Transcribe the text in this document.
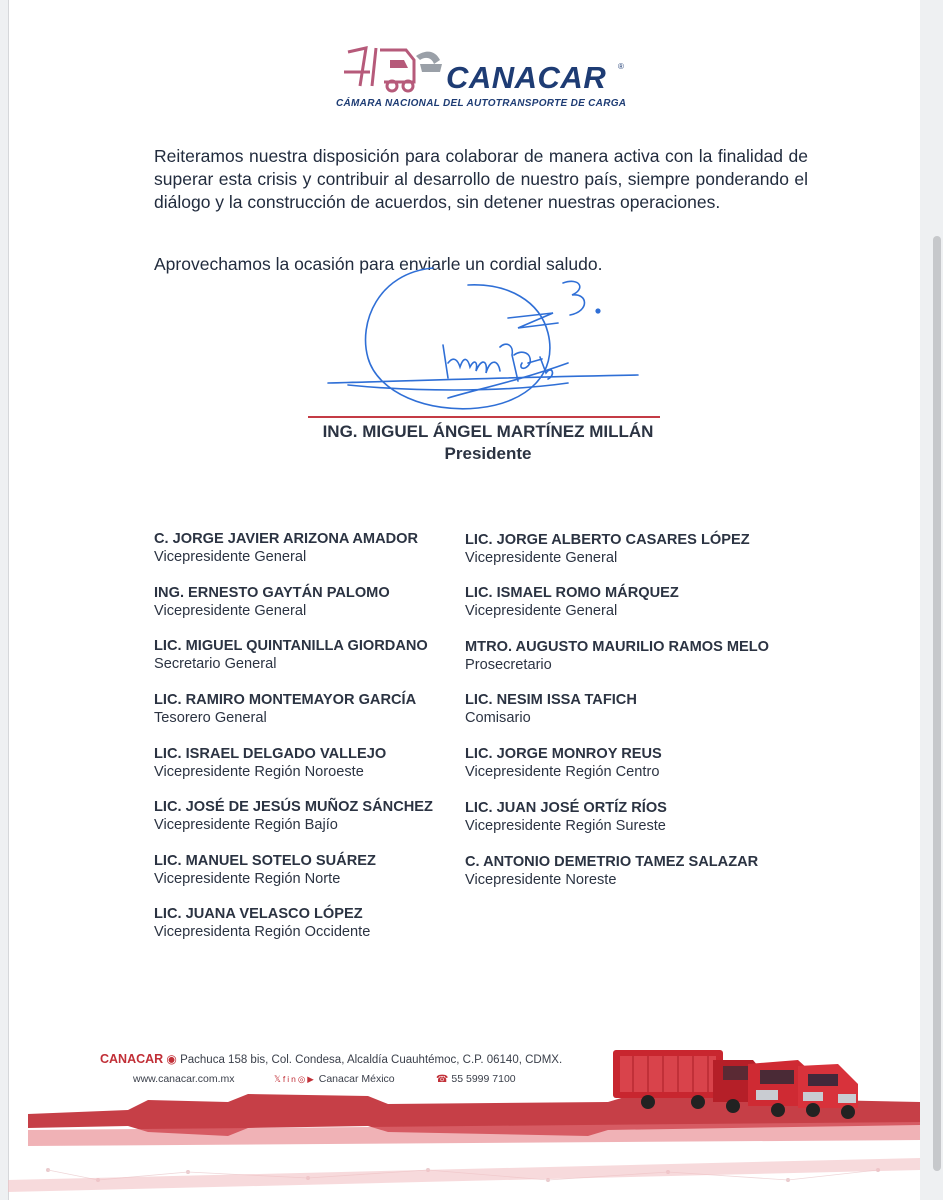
CANACAR ®
CÁMARA NACIONAL DEL AUTOTRANSPORTE DE CARGA
Reiteramos nuestra disposición para colaborar de manera activa con la finalidad de superar esta crisis y contribuir al desarrollo de nuestro país, siempre ponderando el diálogo y la construcción de acuerdos, sin detener nuestras operaciones.
Aprovechamos la ocasión para enviarle un cordial saludo.
ING. MIGUEL ÁNGEL MARTÍNEZ MILLÁN
Presidente
C. JORGE JAVIER ARIZONA AMADOR
Vicepresidente General
ING. ERNESTO GAYTÁN PALOMO
Vicepresidente General
LIC. MIGUEL QUINTANILLA GIORDANO
Secretario General
LIC. RAMIRO MONTEMAYOR GARCÍA
Tesorero General
LIC. ISRAEL DELGADO VALLEJO
Vicepresidente Región Noroeste
LIC. JOSÉ DE JESÚS MUÑOZ SÁNCHEZ
Vicepresidente Región Bajío
LIC. MANUEL SOTELO SUÁREZ
Vicepresidente Región Norte
LIC. JUANA VELASCO LÓPEZ
Vicepresidenta Región Occidente
LIC. JORGE ALBERTO CASARES LÓPEZ
Vicepresidente General
LIC. ISMAEL ROMO MÁRQUEZ
Vicepresidente General
MTRO. AUGUSTO MAURILIO RAMOS MELO
Prosecretario
LIC. NESIM ISSA TAFICH
Comisario
LIC. JORGE MONROY REUS
Vicepresidente Región Centro
LIC. JUAN JOSÉ ORTÍZ RÍOS
Vicepresidente Región Sureste
C. ANTONIO DEMETRIO TAMEZ SALAZAR
Vicepresidente Noreste
CANACAR ◉ Pachuca 158 bis, Col. Condesa, Alcaldía Cuauhtémoc, C.P. 06140, CDMX.
www.canacar.com.mx	𝕏fin◎▶ Canacar México	☎ 55 5999 7100
